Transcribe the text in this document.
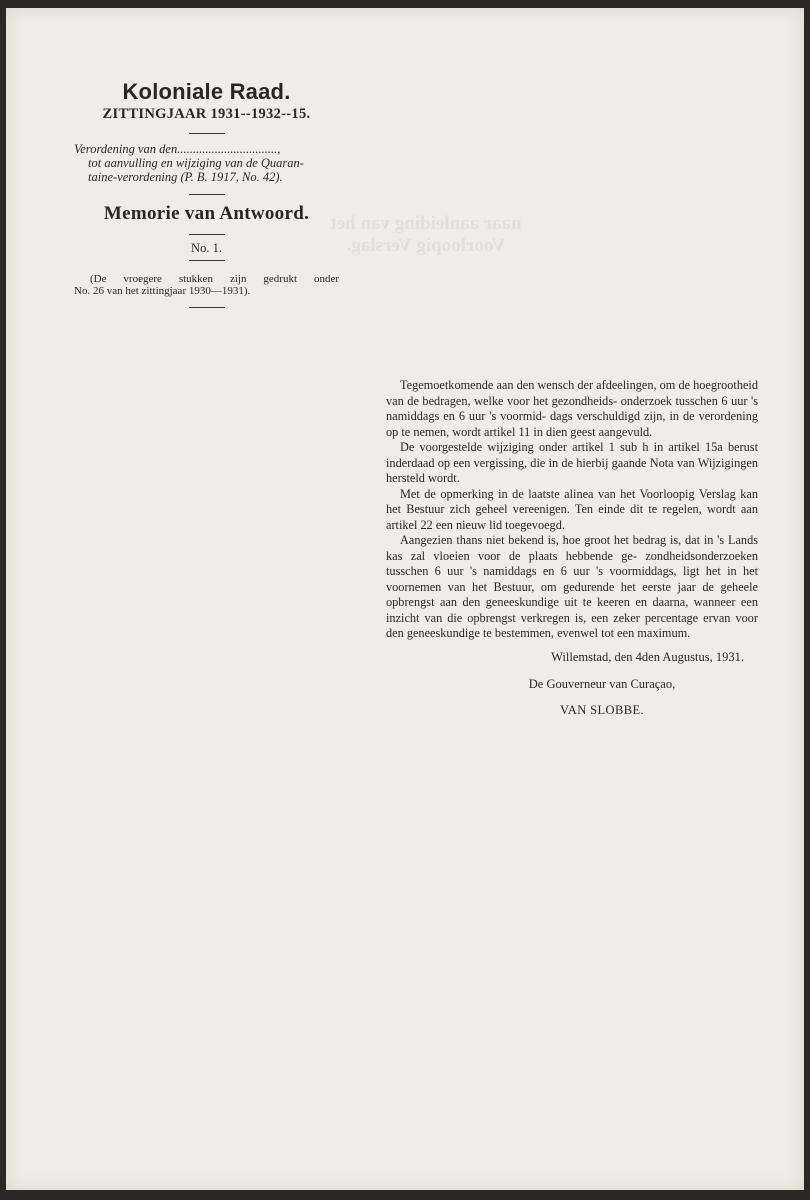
naar aanleiding van het
Voorloopig Verslag.
Koloniale Raad.

ZITTINGJAAR 1931--1932--15.

Verordening van den................................,
tot aanvulling en wijziging van de Quaran-
taine-verordening (P. B. 1917, No. 42).

Memorie van Antwoord.

No. 1.

(De vroegere stukken zijn gedrukt onder
No. 26 van het zittingjaar 1930—1931).

Tegemoetkomende aan den wensch der afdeelingen, om de hoegrootheid van de bedragen, welke voor het gezondheids- onderzoek tusschen 6 uur 's namiddags en 6 uur 's voormid- dags verschuldigd zijn, in de verordening op te nemen, wordt artikel 11 in dien geest aangevuld.

De voorgestelde wijziging onder artikel 1 sub h in artikel 15a berust inderdaad op een vergissing, die in de hierbij gaande Nota van Wijzigingen hersteld wordt.

Met de opmerking in de laatste alinea van het Voorloopig Verslag kan het Bestuur zich geheel vereenigen. Ten einde dit te regelen, wordt aan artikel 22 een nieuw lid toegevoegd.

Aangezien thans niet bekend is, hoe groot het bedrag is, dat in 's Lands kas zal vloeien voor de plaats hebbende ge- zondheidsonderzoeken tusschen 6 uur 's namiddags en 6 uur 's voormiddags, ligt het in het voornemen van het Bestuur, om gedurende het eerste jaar de geheele opbrengst aan den geneeskundige uit te keeren en daarna, wanneer een inzicht van die opbrengst verkregen is, een zeker percentage ervan voor den geneeskundige te bestemmen, evenwel tot een maximum.

Willemstad, den 4den Augustus, 1931.

De Gouverneur van Curaçao,

VAN SLOBBE.
